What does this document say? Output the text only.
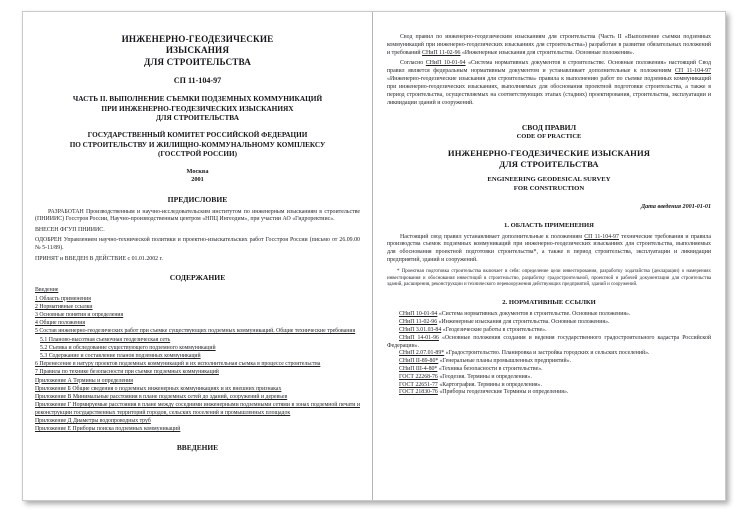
ИНЖЕНЕРНО-ГЕОДЕЗИЧЕСКИЕ
ИЗЫСКАНИЯ
ДЛЯ СТРОИТЕЛЬСТВА
СП 11-104-97
ЧАСТЬ II. ВЫПОЛНЕНИЕ СЪЕМКИ ПОДЗЕМНЫХ КОММУНИКАЦИЙ
ПРИ ИНЖЕНЕРНО-ГЕОДЕЗИЧЕСКИХ ИЗЫСКАНИЯХ
ДЛЯ СТРОИТЕЛЬСТВА
ГОСУДАРСТВЕННЫЙ КОМИТЕТ РОССИЙСКОЙ ФЕДЕРАЦИИ
ПО СТРОИТЕЛЬСТВУ И ЖИЛИЩНО-КОММУНАЛЬНОМУ КОМПЛЕКСУ
(ГОССТРОЙ РОССИИ)
Москва
2001
ПРЕДИСЛОВИЕ

РАЗРАБОТАН Производственным и научно-исследовательским институтом по инженерным изысканиям в строительстве (ПНИИИС) Госстроя России, Научно-производственным центром «НПЦ Ингеодим», при участии АО «Гидроректиис».

ВНЕСЕН ФГУП ПНИИИС.

ОДОБРЕН Управлением научно-технической политики и проектно-изыскательских работ Госстроя России (письмо от 26.09.00 № 5-11/89).

ПРИНЯТ и ВВЕДЕН В ДЕЙСТВИЕ с 01.01.2002 г.

СОДЕРЖАНИЕ
Введение
1 Область применения
2 Нормативные ссылки
3 Основные понятия и определения
4 Общие положения
5 Состав инженерно-геодезических работ при съемке существующих подземных коммуникаций. Общие технические требования
5.1 Планово-высотная съемочная геодезическая сеть
5.2 Съемка и обследование существующего подземного коммуникаций
5.3 Содержание и составление планов подземных коммуникаций
6 Перенесение в натуру проектов подземных коммуникаций и их исполнительная съемка в процессе строительства
7 Правила по технике безопасности при съемке подземных коммуникаций
Приложение А Термины и определения
Приложение Б Общие сведения о подземных инженерных коммуникациях и их внешних признаках
Приложение В Минимальные расстояния в плане подземных сетей до зданий, сооружений и деревьев
Приложение Г Нормируемые расстояния в плане между соседними инженерными подземными сетями в зонах подземной печати и реконструкции государственных территорий городов, сельских поселений и промышленных площадок
Приложение Д Диаметры водопроводных труб
Приложение Е Приборы поиска подземных коммуникаций
ВВЕДЕНИЕ

Свод правил по инженерно-геодезическим изысканиям для строительства (Часть II «Выполнение съемки подземных коммуникаций при инженерно-геодезических изысканиях для строительства») разработан в развитие обязательных положений и требований СНиП 11-02-96 «Инженерные изыскания для строительства. Основные положения».

Согласно СНиП 10-01-94 «Система нормативных документов в строительстве. Основные положения» настоящий Свод правил является федеральным нормативным документом и устанавливает дополнительные к положениям СП 11-104-97 «Инженерно-геодезические изыскания для строительства» правила к выполнению работ по съемке подземных коммуникаций при инженерно-геодезических изысканиях, выполняемых для обоснования проектной подготовки строительства, а также в период строительства, осуществляемых на соответствующих этапах (стадиях) проектирования, строительства, эксплуатации и ликвидации зданий и сооружений.

СВОД ПРАВИЛ
CODE OF PRACTICE
ИНЖЕНЕРНО-ГЕОДЕЗИЧЕСКИЕ ИЗЫСКАНИЯ
ДЛЯ СТРОИТЕЛЬСТВА
ENGINEERING GEODESICAL SURVEY
FOR CONSTRUCTION
Дата введения 2001-01-01
1. ОБЛАСТЬ ПРИМЕНЕНИЯ

Настоящий свод правил устанавливает дополнительные к положениям СП 11-104-97 технические требования и правила производства съемок подземных коммуникаций при инженерно-геодезических изысканиях для строительства, выполняемых для обоснования проектной подготовки строительства*, а также в период строительства, эксплуатации и ликвидации предприятий, зданий и сооружений.

* Проектная подготовка строительства включает в себя: определение цели инвестирования, разработку ходатайства (декларации) о намерениях инвестирования и обоснования инвестиций в строительство, разработку градостроительной, проектной и рабочей документации для строительства зданий, расширения, реконструкции и технического перевооружения действующих предприятий, зданий и сооружений.

2. НОРМАТИВНЫЕ ССЫЛКИ

СНиП 10-01-94 «Система нормативных документов в строительстве. Основные положения».

СНиП 11-02-96 «Инженерные изыскания для строительства. Основные положения».

СНиП 3.01.03-84 «Геодезические работы в строительстве».

СНиП 14-01-96 «Основные положения создания и ведения государственного градостроительного кадастра Российской Федерации».

СНиП 2.07.01-89* «Градостроительство. Планировка и застройка городских и сельских поселений».

СНиП II-89-80* «Генеральные планы промышленных предприятий».

СНиП III-4-80* «Техника безопасности в строительстве».

ГОСТ 22268-76 «Геодезия. Термины и определения».

ГОСТ 22651-77 «Картография. Термины и определения».

ГОСТ 21830-76 «Приборы геодезические Термины и определения».
